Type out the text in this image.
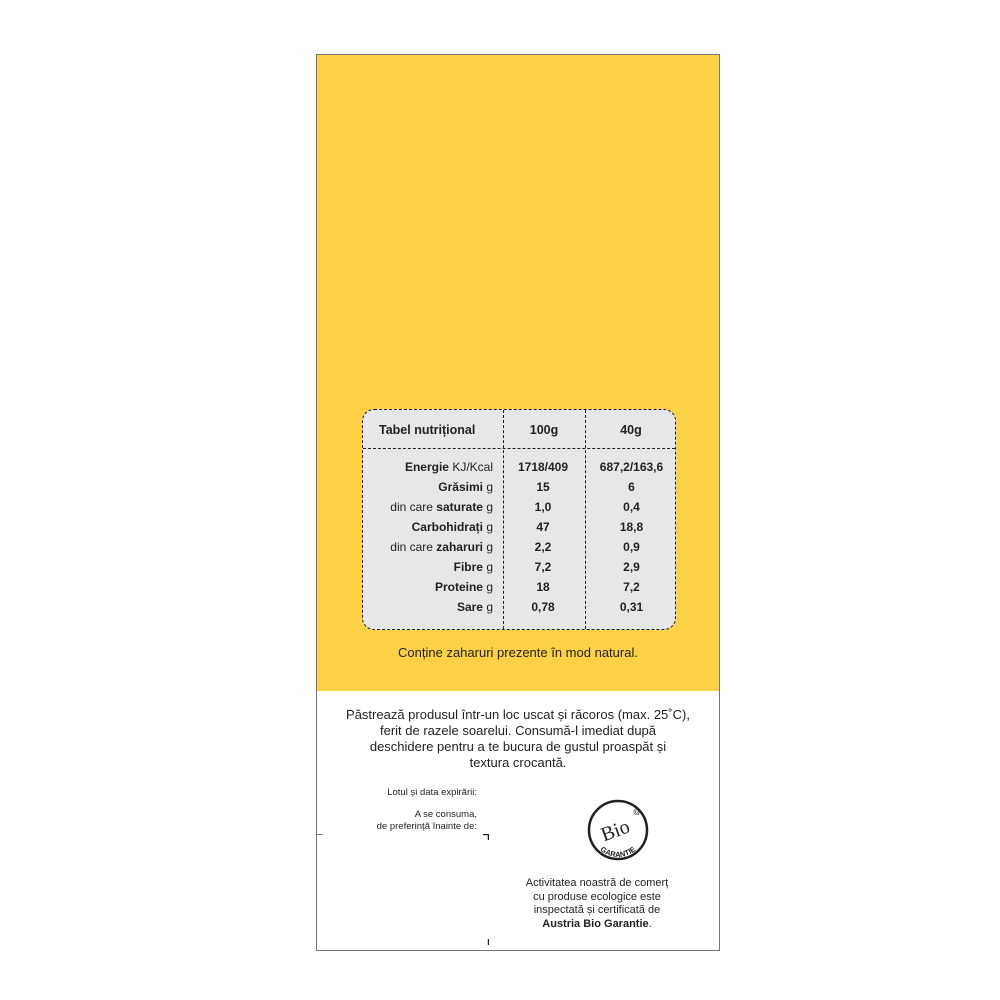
Tabel nutrițional	100g	40g
Energie KJ/Kcal	1718/409	687,2/163,6
Grăsimi g	15	6
din care saturate g	1,0	0,4
Carbohidrați g	47	18,8
din care zaharuri g	2,2	0,9
Fibre g	7,2	2,9
Proteine g	18	7,2
Sare g	0,78	0,31
Conține zaharuri prezente în mod natural.
Păstrează produsul într-un loc uscat și răcoros (max. 25˚C),
ferit de razele soarelui. Consumă-l imediat după
deschidere pentru a te bucura de gustul proaspăt și
textura crocantă.
Lotul și data expirării:
A se consuma,
de preferință înainte de:	Bio
@
GARANTIE
Activitatea noastră de comerț
cu produse ecologice este
inspectată și certificată de
Austria Bio Garantie.
